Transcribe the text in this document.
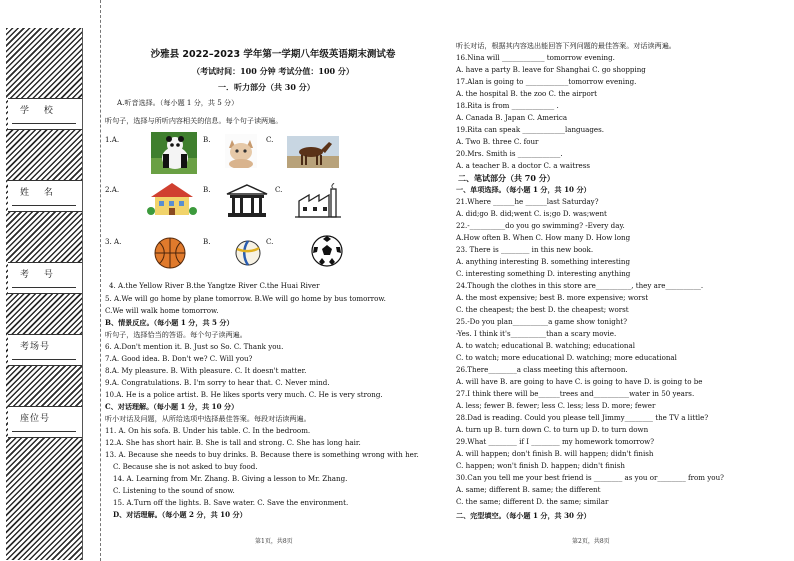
学 校
姓 名
考 号
考场号
座位号
沙雅县 2022–2023 学年第一学期八年级英语期末测试卷
（考试时间：100 分钟 考试分值：100 分）
一．听力部分（共 30 分）
A.听音选择。（每小题 1 分，共 5 分）
听句子，选择与所听内容相关的信息。每个句子读两遍。
1.A.	B.	C.
2.A.	B.	C.
3. A.	B.	C.
4. A.the Yellow River B.the Yangtze River C.the Huai River
5. A.We will go home by plane tomorrow. B.We will go home by bus tomorrow.
C.We will walk home tomorrow.
B、情景反应。（每小题 1 分，共 5 分）
听句子，选择恰当的答语。每个句子读两遍。
6. A.Don't mention it. B. Just so So. C. Thank you.
7.A. Good idea. B. Don't we? C. Will you?
8.A. My pleasure. B. With pleasure. C. It doesn't matter.
9.A. Congratulations. B. I'm sorry to hear that. C. Never mind.
10.A. He is a police artist. B. He likes sports very much. C. He is very strong.
C、对话理解。（每小题 1 分，共 10 分）
听小对话及问题，从所给选项中选择最佳答案。每段对话读两遍。
11. A. On his sofa. B. Under his table. C. In the bedroom.
12.A. She has short hair. B. She is tall and strong. C. She has long hair.
13. A. Because she needs to buy drinks. B. Because there is something wrong with her.
C. Because she is not asked to buy food.
14. A. Learning from Mr. Zhang. B. Giving a lesson to Mr. Zhang.
C. Listening to the sound of snow.
15. A.Turn off the lights. B. Save water. C. Save the environment.
D、对话理解。（每小题 2 分，共 10 分）
第1页，共8页
听长对话，根据其内容选出能回答下列问题的最佳答案。对话读两遍。
16.Nina will ____________ tomorrow evening.
A. have a party B. leave for Shanghai C. go shopping
17.Alan is going to ____________tomorrow evening.
A. the hospital B. the zoo C. the airport
18.Rita is from ____________ .
A. Canada B. Japan C. America
19.Rita can speak ____________languages.
A. Two B. three C. four
20.Mrs. Smith is ____________.
A. a teacher B. a doctor C. a waitress
二、笔试部分（共 70 分）
一、单项选择。（每小题 1 分，共 10 分）
21.Where ______he ______last Saturday?
A. did;go B. did;went C. is;go D. was;went
22.-__________do you go swimming? -Every day.
A.How often B. When C. How many D. How long
23. There is ________ in this new book.
A. anything interesting B. something interesting
C. interesting something D. interesting anything
24.Though the clothes in this store are__________, they are__________.
A. the most expensive; best B. more expensive; worst
C. the cheapest; the best D. the cheapest; worst
25.-Do you plan__________a game show tonight?
-Yes. I think it's__________than a scary movie.
A. to watch; educational B. watching; educational
C. to watch; more educational D. watching; more educational
26.There________a class meeting this afternoon.
A. will have B. are going to have C. is going to have D. is going to be
27.I think there will be______trees and__________water in 50 years.
A. less; fewer B. fewer; less C. less; less D. more; fewer
28.Dad is reading. Could you please tell Jimmy________ the TV a little?
A. turn up B. turn down C. to turn up D. to turn down
29.What ________ if I ________ my homework tomorrow?
A. will happen; don't finish B. will happen; didn't finish
C. happen; won't finish D. happen; didn't finish
30.Can you tell me your best friend is ________ as you or________ from you?
A. same; different B. same; the different
C. the same; different D. the same; similar
二、完型填空。（每小题 1 分，共 30 分）
第2页，共8页
